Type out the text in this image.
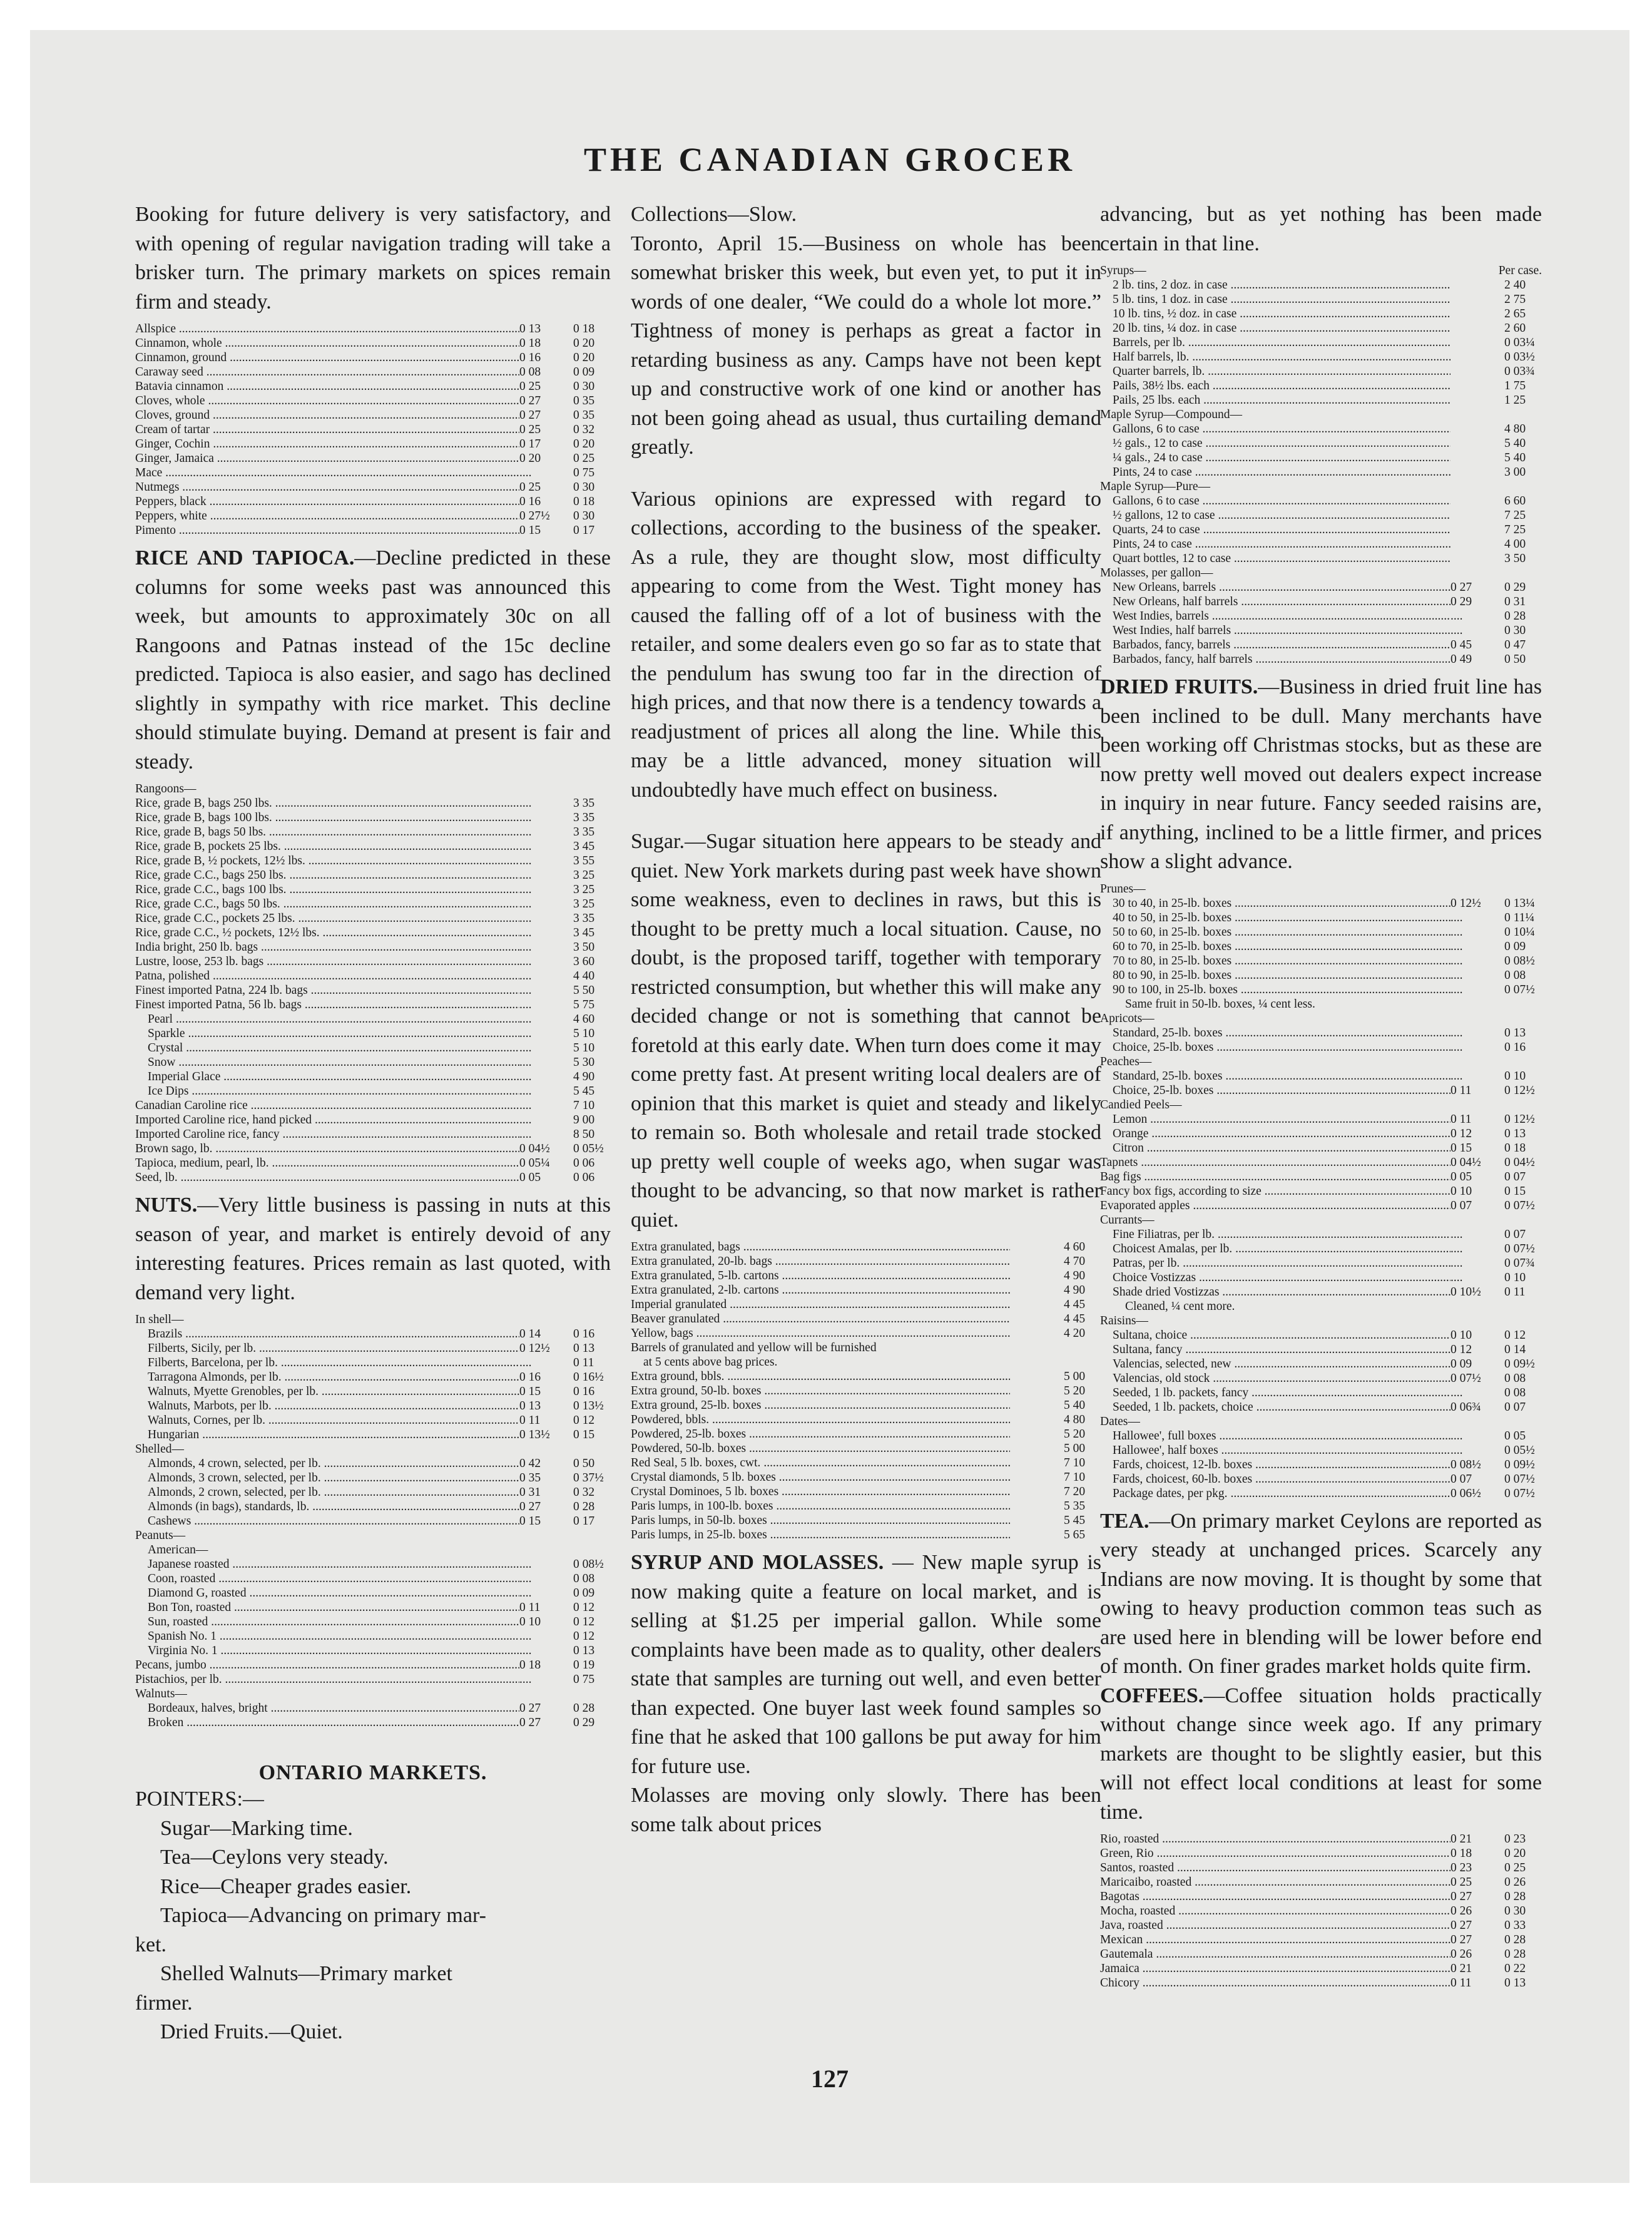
THE CANADIAN GROCER

Booking for future delivery is very satisfactory, and with opening of regular navigation trading will take a brisker turn. The primary markets on spices remain firm and steady.

Allspice .....	0 13	0 18
Cinnamon, whole .....	0 18	0 20
Cinnamon, ground .....	0 16	0 20
Caraway seed .....	0 08	0 09
Batavia cinnamon .....	0 25	0 30
Cloves, whole .....	0 27	0 35
Cloves, ground .....	0 27	0 35
Cream of tartar .....	0 25	0 32
Ginger, Cochin .....	0 17	0 20
Ginger, Jamaica .....	0 20	0 25
Mace .....	....	0 75
Nutmegs .....	0 25	0 30
Peppers, black .....	0 16	0 18
Peppers, white .....	0 27½	0 30
Pimento .....	0 15	0 17

RICE AND TAPIOCA.—Decline predicted in these columns for some weeks past was announced this week, but amounts to approximately 30c on all Rangoons and Patnas instead of the 15c decline predicted. Tapioca is also easier, and sago has declined slightly in sympathy with rice market. This decline should stimulate buying. Demand at present is fair and steady.

Rangoons—
Rice, grade B, bags 250 lbs. .....	....	3 35
Rice, grade B, bags 100 lbs. .....	....	3 35
Rice, grade B, bags 50 lbs. .....	....	3 35
Rice, grade B, pockets 25 lbs. .....	....	3 45
Rice, grade B, ½ pockets, 12½ lbs. .....	....	3 55
Rice, grade C.C., bags 250 lbs. .....	....	3 25
Rice, grade C.C., bags 100 lbs. .....	....	3 25
Rice, grade C.C., bags 50 lbs. .....	....	3 25
Rice, grade C.C., pockets 25 lbs. .....	....	3 35
Rice, grade C.C., ½ pockets, 12½ lbs. .....	....	3 45
India bright, 250 lb. bags .....	....	3 50
Lustre, loose, 253 lb. bags .....	....	3 60
Patna, polished .....	....	4 40
Finest imported Patna, 224 lb. bags .....	....	5 50
Finest imported Patna, 56 lb. bags .....	....	5 75
Pearl .....	....	4 60
Sparkle .....	....	5 10
Crystal .....	....	5 10
Snow .....	....	5 30
Imperial Glace .....	....	4 90
Ice Dips .....	....	5 45
Canadian Caroline rice .....	....	7 10
Imported Caroline rice, hand picked .....	....	9 00
Imported Caroline rice, fancy .....	....	8 50
Brown sago, lb. .....	0 04½	0 05½
Tapioca, medium, pearl, lb. .....	0 05¼	0 06
Seed, lb. .....	0 05	0 06

NUTS.—Very little business is passing in nuts at this season of year, and market is entirely devoid of any interesting features. Prices remain as last quoted, with demand very light.

In shell—
Brazils .....	0 14	0 16
Filberts, Sicily, per lb. .....	0 12½	0 13
Filberts, Barcelona, per lb. .....	....	0 11
Tarragona Almonds, per lb. .....	0 16	0 16½
Walnuts, Myette Grenobles, per lb. .....	0 15	0 16
Walnuts, Marbots, per lb. .....	0 13	0 13½
Walnuts, Cornes, per lb. .....	0 11	0 12
Hungarian .....	0 13½	0 15
Shelled—
Almonds, 4 crown, selected, per lb. .....	0 42	0 50
Almonds, 3 crown, selected, per lb. .....	0 35	0 37½
Almonds, 2 crown, selected, per lb. .....	0 31	0 32
Almonds (in bags), standards, lb. .....	0 27	0 28
Cashews .....	0 15	0 17
Peanuts—
American—
Japanese roasted .....	....	0 08½
Coon, roasted .....	....	0 08
Diamond G, roasted .....	....	0 09
Bon Ton, roasted .....	0 11	0 12
Sun, roasted .....	0 10	0 12
Spanish No. 1 .....	....	0 12
Virginia No. 1 .....	....	0 13
Pecans, jumbo .....	0 18	0 19
Pistachios, per lb. .....	....	0 75
Walnuts—
Bordeaux, halves, bright .....	0 27	0 28
Broken .....	0 27	0 29
ONTARIO MARKETS.
POINTERS:—
Sugar—Marking time.
Tea—Ceylons very steady.
Rice—Cheaper grades easier.
Tapioca—Advancing on primary mar-
ket.
Shelled Walnuts—Primary market
firmer.
Dried Fruits.—Quiet.

Collections—Slow.
Toronto, April 15.—Business on whole has been somewhat brisker this week, but even yet, to put it in words of one dealer, “We could do a whole lot more.” Tightness of money is perhaps as great a factor in retarding business as any. Camps have not been kept up and constructive work of one kind or another has not been going ahead as usual, thus curtailing demand greatly.

Various opinions are expressed with regard to collections, according to the business of the speaker. As a rule, they are thought slow, most difficulty appearing to come from the West. Tight money has caused the falling off of a lot of business with the retailer, and some dealers even go so far as to state that the pendulum has swung too far in the direction of high prices, and that now there is a tendency towards a readjustment of prices all along the line. While this may be a little advanced, money situation will undoubtedly have much effect on business.

Sugar.—Sugar situation here appears to be steady and quiet. New York markets during past week have shown some weakness, even to declines in raws, but this is thought to be pretty much a local situation. Cause, no doubt, is the proposed tariff, together with temporary restricted consumption, but whether this will make any decided change or not is something that cannot be foretold at this early date. When turn does come it may come pretty fast. At present writing local dealers are of opinion that this market is quiet and steady and likely to remain so. Both wholesale and retail trade stocked up pretty well couple of weeks ago, when sugar was thought to be advancing, so that now market is rather quiet.

Extra granulated, bags .....	4 60
Extra granulated, 20-lb. bags .....	4 70
Extra granulated, 5-lb. cartons .....	4 90
Extra granulated, 2-lb. cartons .....	4 90
Imperial granulated .....	4 45
Beaver granulated .....	4 45
Yellow, bags .....	4 20
Barrels of granulated and yellow will be furnished
at 5 cents above bag prices.
Extra ground, bbls. .....	5 00
Extra ground, 50-lb. boxes .....	5 20
Extra ground, 25-lb. boxes .....	5 40
Powdered, bbls. .....	4 80
Powdered, 25-lb. boxes .....	5 20
Powdered, 50-lb. boxes .....	5 00
Red Seal, 5 lb. boxes, cwt. .....	7 10
Crystal diamonds, 5 lb. boxes .....	7 10
Crystal Dominoes, 5 lb. boxes .....	7 20
Paris lumps, in 100-lb. boxes .....	5 35
Paris lumps, in 50-lb. boxes .....	5 45
Paris lumps, in 25-lb. boxes .....	5 65

SYRUP AND MOLASSES. — New maple syrup is now making quite a feature on local market, and is selling at $1.25 per imperial gallon. While some complaints have been made as to quality, other dealers state that samples are turning out well, and even better than expected. One buyer last week found samples so fine that he asked that 100 gallons be put away for him for future use.

Molasses are moving only slowly. There has been some talk about prices

advancing, but as yet nothing has been made certain in that line.

Syrups—	Per case.
2 lb. tins, 2 doz. in case .....	2 40
5 lb. tins, 1 doz. in case .....	2 75
10 lb. tins, ½ doz. in case .....	2 65
20 lb. tins, ¼ doz. in case .....	2 60
Barrels, per lb. .....	0 03¼
Half barrels, lb. .....	0 03½
Quarter barrels, lb. .....	0 03¾
Pails, 38½ lbs. each .....	1 75
Pails, 25 lbs. each .....	1 25
Maple Syrup—Compound—
Gallons, 6 to case .....	4 80
½ gals., 12 to case .....	5 40
¼ gals., 24 to case .....	5 40
Pints, 24 to case .....	3 00
Maple Syrup—Pure—
Gallons, 6 to case .....	6 60
½ gallons, 12 to case .....	7 25
Quarts, 24 to case .....	7 25
Pints, 24 to case .....	4 00
Quart bottles, 12 to case .....	3 50
Molasses, per gallon—
New Orleans, barrels .....	0 27	0 29
New Orleans, half barrels .....	0 29	0 31
West Indies, barrels .....	....	0 28
West Indies, half barrels .....	....	0 30
Barbados, fancy, barrels .....	0 45	0 47
Barbados, fancy, half barrels .....	0 49	0 50

DRIED FRUITS.—Business in dried fruit line has been inclined to be dull. Many merchants have been working off Christmas stocks, but as these are now pretty well moved out dealers expect increase in inquiry in near future. Fancy seeded raisins are, if anything, inclined to be a little firmer, and prices show a slight advance.

Prunes—
30 to 40, in 25-lb. boxes .....	0 12½	0 13¼
40 to 50, in 25-lb. boxes .....	....	0 11¼
50 to 60, in 25-lb. boxes .....	....	0 10¼
60 to 70, in 25-lb. boxes .....	....	0 09
70 to 80, in 25-lb. boxes .....	....	0 08½
80 to 90, in 25-lb. boxes .....	....	0 08
90 to 100, in 25-lb. boxes .....	....	0 07½
Same fruit in 50-lb. boxes, ¼ cent less.
Apricots—
Standard, 25-lb. boxes .....	....	0 13
Choice, 25-lb. boxes .....	....	0 16
Peaches—
Standard, 25-lb. boxes .....	....	0 10
Choice, 25-lb. boxes .....	0 11	0 12½
Candied Peels—
Lemon .....	0 11	0 12½
Orange .....	0 12	0 13
Citron .....	0 15	0 18
Tapnets .....	0 04½	0 04½
Bag figs .....	0 05	0 07
Fancy box figs, according to size .....	0 10	0 15
Evaporated apples .....	0 07	0 07½
Currants—
Fine Filiatras, per lb. .....	....	0 07
Choicest Amalas, per lb. .....	....	0 07½
Patras, per lb. .....	....	0 07¾
Choice Vostizzas .....	....	0 10
Shade dried Vostizzas .....	0 10½	0 11
Cleaned, ¼ cent more.
Raisins—
Sultana, choice .....	0 10	0 12
Sultana, fancy .....	0 12	0 14
Valencias, selected, new .....	0 09	0 09½
Valencias, old stock .....	0 07½	0 08
Seeded, 1 lb. packets, fancy .....	....	0 08
Seeded, 1 lb. packets, choice .....	0 06¾	0 07
Dates—
Hallowee', full boxes .....	....	0 05
Hallowee', half boxes .....	....	0 05½
Fards, choicest, 12-lb. boxes .....	0 08½	0 09½
Fards, choicest, 60-lb. boxes .....	0 07	0 07½
Package dates, per pkg. .....	0 06½	0 07½

TEA.—On primary market Ceylons are reported as very steady at unchanged prices. Scarcely any Indians are now moving. It is thought by some that owing to heavy production common teas such as are used here in blending will be lower before end of month. On finer grades market holds quite firm.

COFFEES.—Coffee situation holds practically without change since week ago. If any primary markets are thought to be slightly easier, but this will not effect local conditions at least for some time.

Rio, roasted .....	0 21	0 23
Green, Rio .....	0 18	0 20
Santos, roasted .....	0 23	0 25
Maricaibo, roasted .....	0 25	0 26
Bagotas .....	0 27	0 28
Mocha, roasted .....	0 26	0 30
Java, roasted .....	0 27	0 33
Mexican .....	0 27	0 28
Gautemala .....	0 26	0 28
Jamaica .....	0 21	0 22
Chicory .....	0 11	0 13
127
